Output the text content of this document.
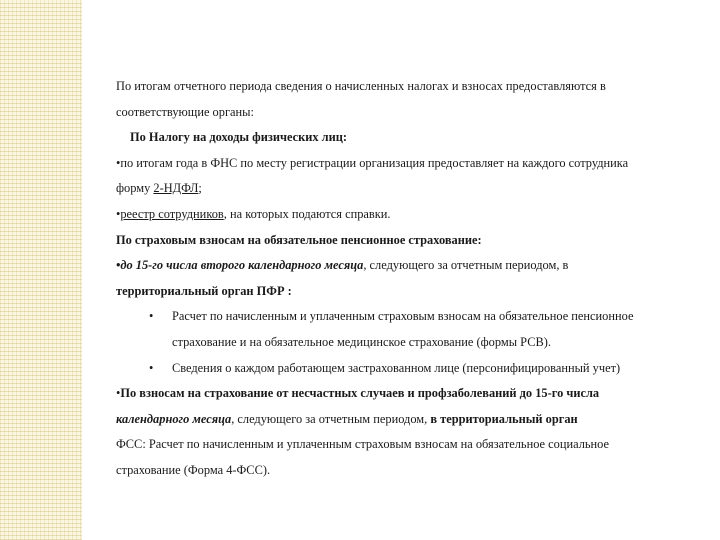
По итогам отчетного периода сведения о начисленных налогах и взносах предоставляются в
соответствующие органы:
По Налогу на доходы физических лиц:
•по итогам года в ФНС по месту регистрации организация предоставляет на каждого сотрудника
форму 2-НДФЛ;
•реестр сотрудников, на которых подаются справки.
По страховым взносам на обязательное пенсионное страхование:
•до 15-го числа второго календарного месяца, следующего за отчетным периодом, в
территориальный орган ПФР :
• Расчет по начисленным и уплаченным страховым взносам на обязательное пенсионное
страхование и на обязательное медицинское страхование (формы РСВ).
• Сведения о каждом работающем застрахованном лице (персонифицированный учет)
•По взносам на страхование от несчастных случаев и профзаболеваний до 15-го числа
календарного месяца, следующего за отчетным периодом, в территориальный орган
ФСС: Расчет по начисленным и уплаченным страховым взносам на обязательное социальное
страхование (Форма 4-ФСС).
